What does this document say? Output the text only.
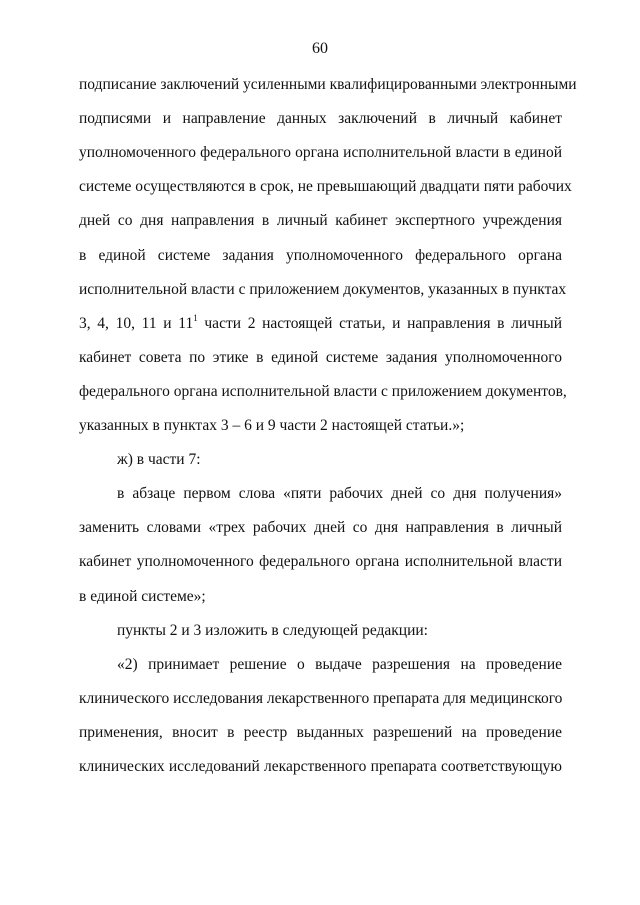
60
подписание заключений усиленными квалифицированными электронными
подписями и направление данных заключений в личный кабинет
уполномоченного федерального органа исполнительной власти в единой
системе осуществляются в срок, не превышающий двадцати пяти рабочих
дней со дня направления в личный кабинет экспертного учреждения
в единой системе задания уполномоченного федерального органа
исполнительной власти с приложением документов, указанных в пунктах
3, 4, 10, 11 и $11^1$ части 2 настоящей статьи, и направления в личный
кабинет совета по этике в единой системе задания уполномоченного
федерального органа исполнительной власти с приложением документов,
указанных в пунктах 3 – 6 и 9 части 2 настоящей статьи.»;
ж) в части 7:
в абзаце первом слова «пяти рабочих дней со дня получения»
заменить словами «трех рабочих дней со дня направления в личный
кабинет уполномоченного федерального органа исполнительной власти
в единой системе»;
пункты 2 и 3 изложить в следующей редакции:
«2) принимает решение о выдаче разрешения на проведение
клинического исследования лекарственного препарата для медицинского
применения, вносит в реестр выданных разрешений на проведение
клинических исследований лекарственного препарата соответствующую
